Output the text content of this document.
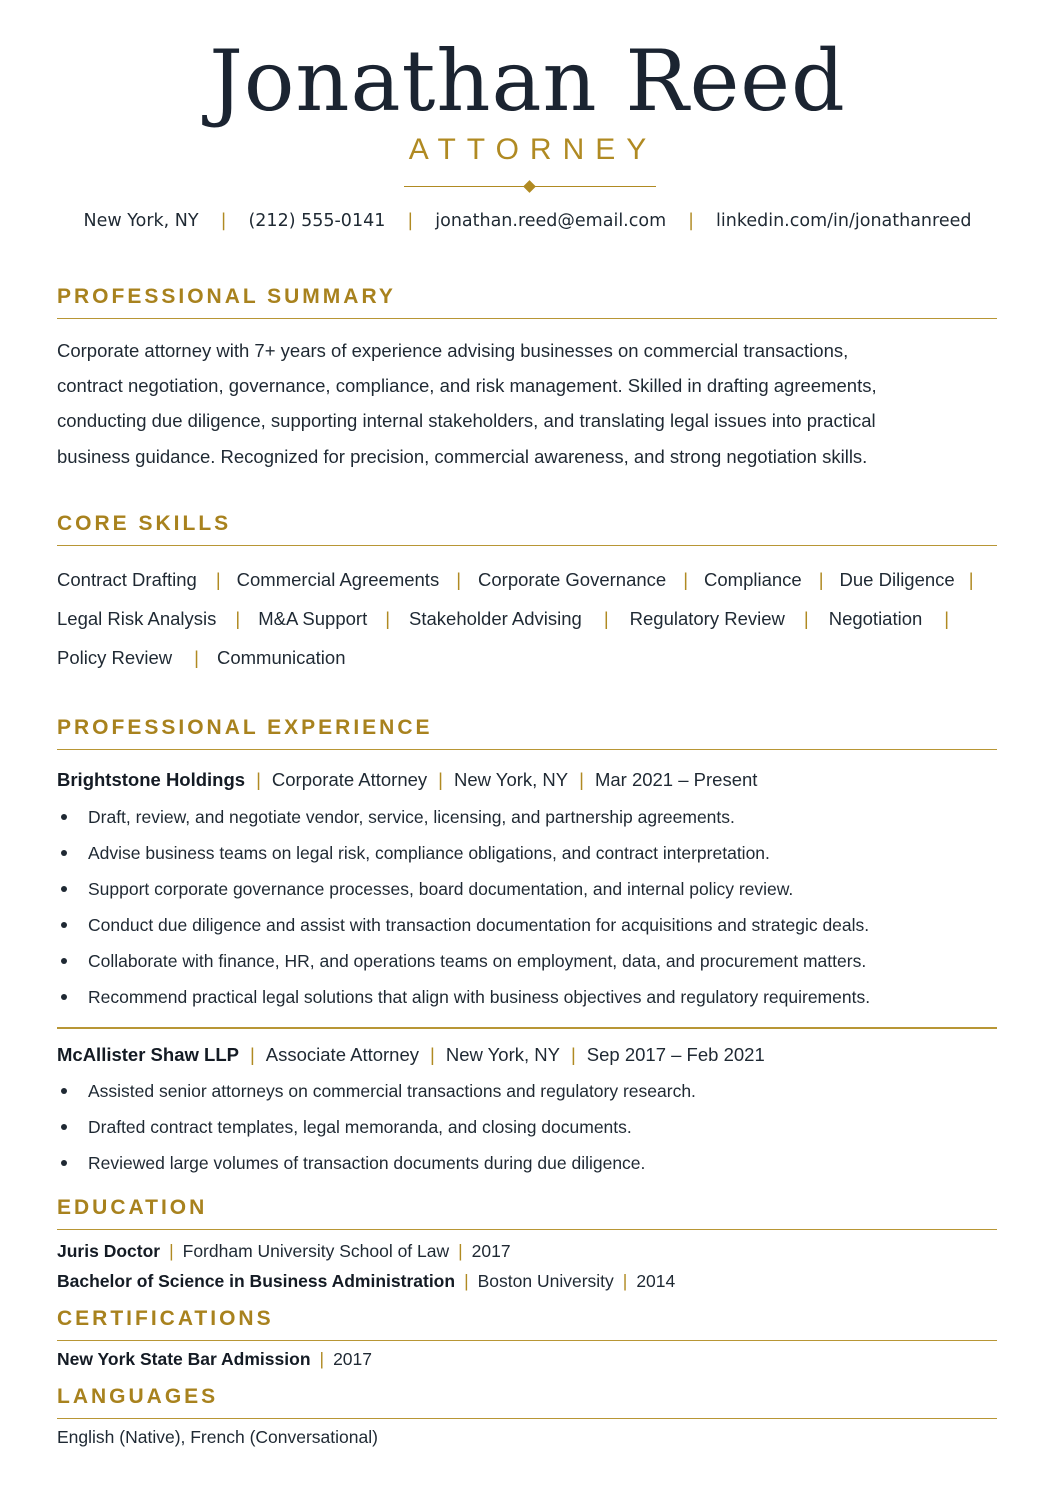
Jonathan Reed
ATTORNEY
New York, NY | (212) 555-0141 | jonathan.reed@email.com | linkedin.com/in/jonathanreed
PROFESSIONAL SUMMARY
Corporate attorney with 7+ years of experience advising businesses on commercial transactions,
contract negotiation, governance, compliance, and risk management. Skilled in drafting agreements,
conducting due diligence, supporting internal stakeholders, and translating legal issues into practical
business guidance. Recognized for precision, commercial awareness, and strong negotiation skills.
CORE SKILLS
Contract Drafting | Commercial Agreements | Corporate Governance | Compliance | Due Diligence |
Legal Risk Analysis | M&A Support | Stakeholder Advising | Regulatory Review | Negotiation |
Policy Review | Communication
PROFESSIONAL EXPERIENCE
Brightstone Holdings | Corporate Attorney | New York, NY | Mar 2021 – Present
Draft, review, and negotiate vendor, service, licensing, and partnership agreements.
Advise business teams on legal risk, compliance obligations, and contract interpretation.
Support corporate governance processes, board documentation, and internal policy review.
Conduct due diligence and assist with transaction documentation for acquisitions and strategic deals.
Collaborate with finance, HR, and operations teams on employment, data, and procurement matters.
Recommend practical legal solutions that align with business objectives and regulatory requirements.
McAllister Shaw LLP | Associate Attorney | New York, NY | Sep 2017 – Feb 2021
Assisted senior attorneys on commercial transactions and regulatory research.
Drafted contract templates, legal memoranda, and closing documents.
Reviewed large volumes of transaction documents during due diligence.
EDUCATION
Juris Doctor | Fordham University School of Law | 2017
Bachelor of Science in Business Administration | Boston University | 2014
CERTIFICATIONS
New York State Bar Admission | 2017
LANGUAGES
English (Native), French (Conversational)
